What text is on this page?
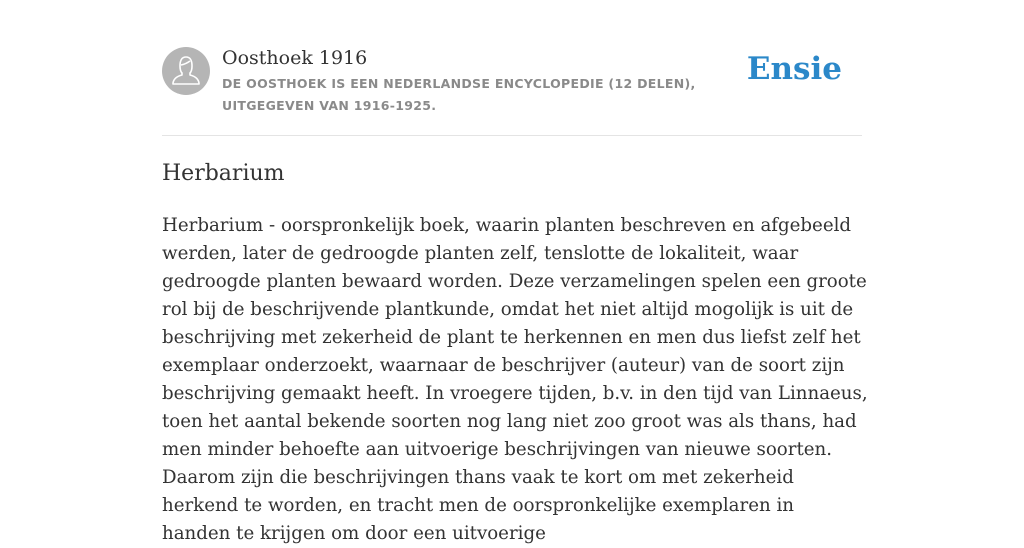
Oosthoek 1916
DE OOSTHOEK IS EEN NEDERLANDSE ENCYCLOPEDIE (12 DELEN), UITGEGEVEN VAN 1916-1925.
Ensie
Herbarium

Herbarium - oorspronkelijk boek, waarin planten beschreven en afgebeeld werden, later de gedroogde planten zelf, tenslotte de lokaliteit, waar gedroogde planten bewaard worden. Deze verzamelingen spelen een groote rol bij de beschrijvende plantkunde, omdat het niet altijd mogolijk is uit de beschrijving met zekerheid de plant te herkennen en men dus liefst zelf het exemplaar onderzoekt, waarnaar de beschrijver (auteur) van de soort zijn beschrijving gemaakt heeft. In vroegere tijden, b.v. in den tijd van Linnaeus, toen het aantal bekende soorten nog lang niet zoo groot was als thans, had men minder behoefte aan uitvoerige beschrijvingen van nieuwe soorten. Daarom zijn die beschrijvingen thans vaak te kort om met zekerheid herkend te worden, en tracht men de oorspronkelijke exemplaren in handen te krijgen om door een uitvoerige
